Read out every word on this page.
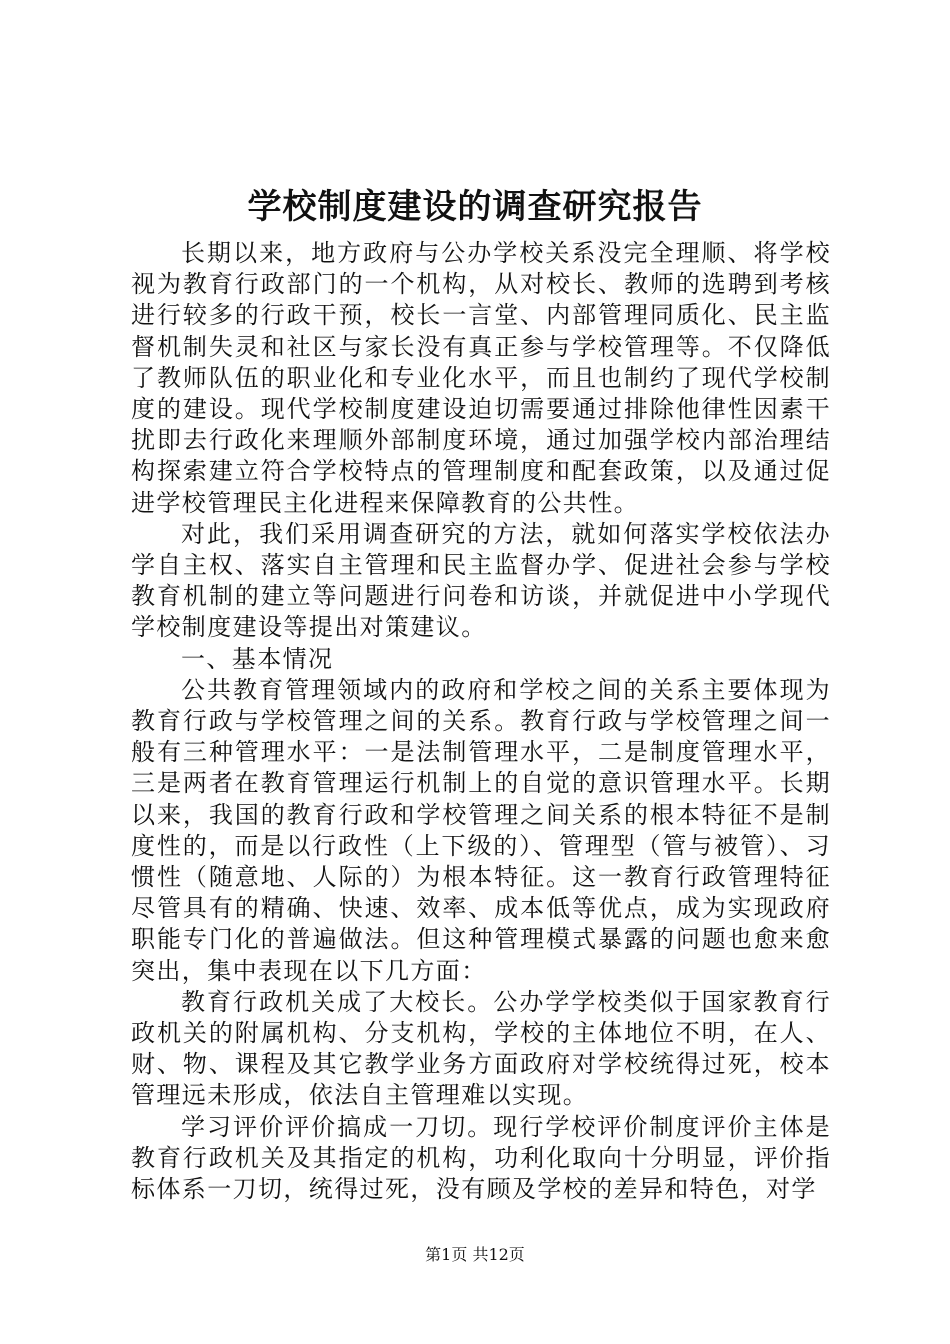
学校制度建设的调查研究报告

长期以来，地方政府与公办学校关系没完全理顺、将学校视为教育行政部门的一个机构，从对校长、教师的选聘到考核进行较多的行政干预，校长一言堂、内部管理同质化、民主监督机制失灵和社区与家长没有真正参与学校管理等。不仅降低了教师队伍的职业化和专业化水平，而且也制约了现代学校制度的建设。现代学校制度建设迫切需要通过排除他律性因素干扰即去行政化来理顺外部制度环境，通过加强学校内部治理结构探索建立符合学校特点的管理制度和配套政策，以及通过促进学校管理民主化进程来保障教育的公共性。

对此，我们采用调查研究的方法，就如何落实学校依法办学自主权、落实自主管理和民主监督办学、促进社会参与学校教育机制的建立等问题进行问卷和访谈，并就促进中小学现代学校制度建设等提出对策建议。

一、基本情况

公共教育管理领域内的政府和学校之间的关系主要体现为教育行政与学校管理之间的关系。教育行政与学校管理之间一般有三种管理水平：一是法制管理水平，二是制度管理水平，三是两者在教育管理运行机制上的自觉的意识管理水平。长期以来，我国的教育行政和学校管理之间关系的根本特征不是制度性的，而是以行政性（上下级的）、管理型（管与被管）、习惯性（随意地、人际的）为根本特征。这一教育行政管理特征尽管具有的精确、快速、效率、成本低等优点，成为实现政府职能专门化的普遍做法。但这种管理模式暴露的问题也愈来愈突出，集中表现在以下几方面：

教育行政机关成了大校长。公办学学校类似于国家教育行政机关的附属机构、分支机构，学校的主体地位不明，在人、财、物、课程及其它教学业务方面政府对学校统得过死，校本管理远未形成，依法自主管理难以实现。

学习评价评价搞成一刀切。现行学校评价制度评价主体是教育行政机关及其指定的机构，功利化取向十分明显，评价指标体系一刀切，统得过死，没有顾及学校的差异和特色，对学

第1页 共12页
